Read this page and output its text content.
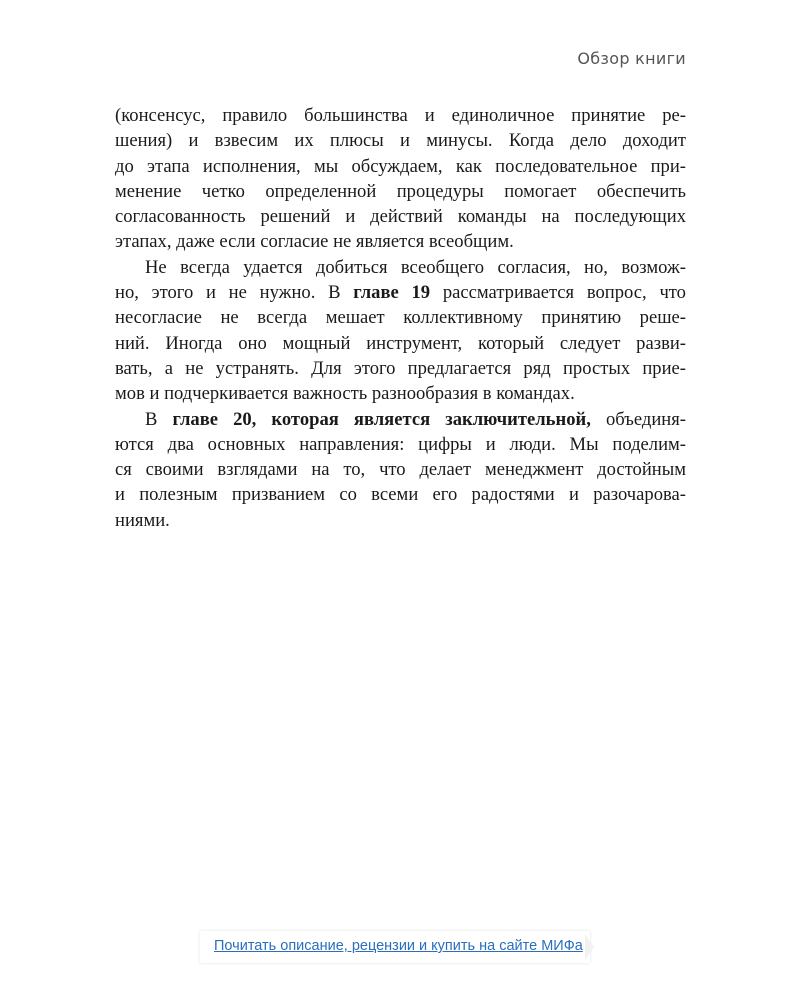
Обзор книги

(консенсус, правило большинства и единоличное принятие ре-
шения) и взвесим их плюсы и минусы. Когда дело доходит
до этапа исполнения, мы обсуждаем, как последовательное при-
менение четко определенной процедуры помогает обеспечить
согласованность решений и действий команды на последующих
этапах, даже если согласие не является всеобщим.

Не всегда удается добиться всеобщего согласия, но, возмож-
но, этого и не нужно. В главе 19 рассматривается вопрос, что
несогласие не всегда мешает коллективному принятию реше-
ний. Иногда оно мощный инструмент, который следует разви-
вать, а не устранять. Для этого предлагается ряд простых прие-
мов и подчеркивается важность разнообразия в командах.

В главе 20, которая является заключительной, объединя-
ются два основных направления: цифры и люди. Мы поделим-
ся своими взглядами на то, что делает менеджмент достойным
и полезным призванием со всеми его радостями и разочарова-
ниями.

Почитать описание, рецензии и купить на сайте МИФа
